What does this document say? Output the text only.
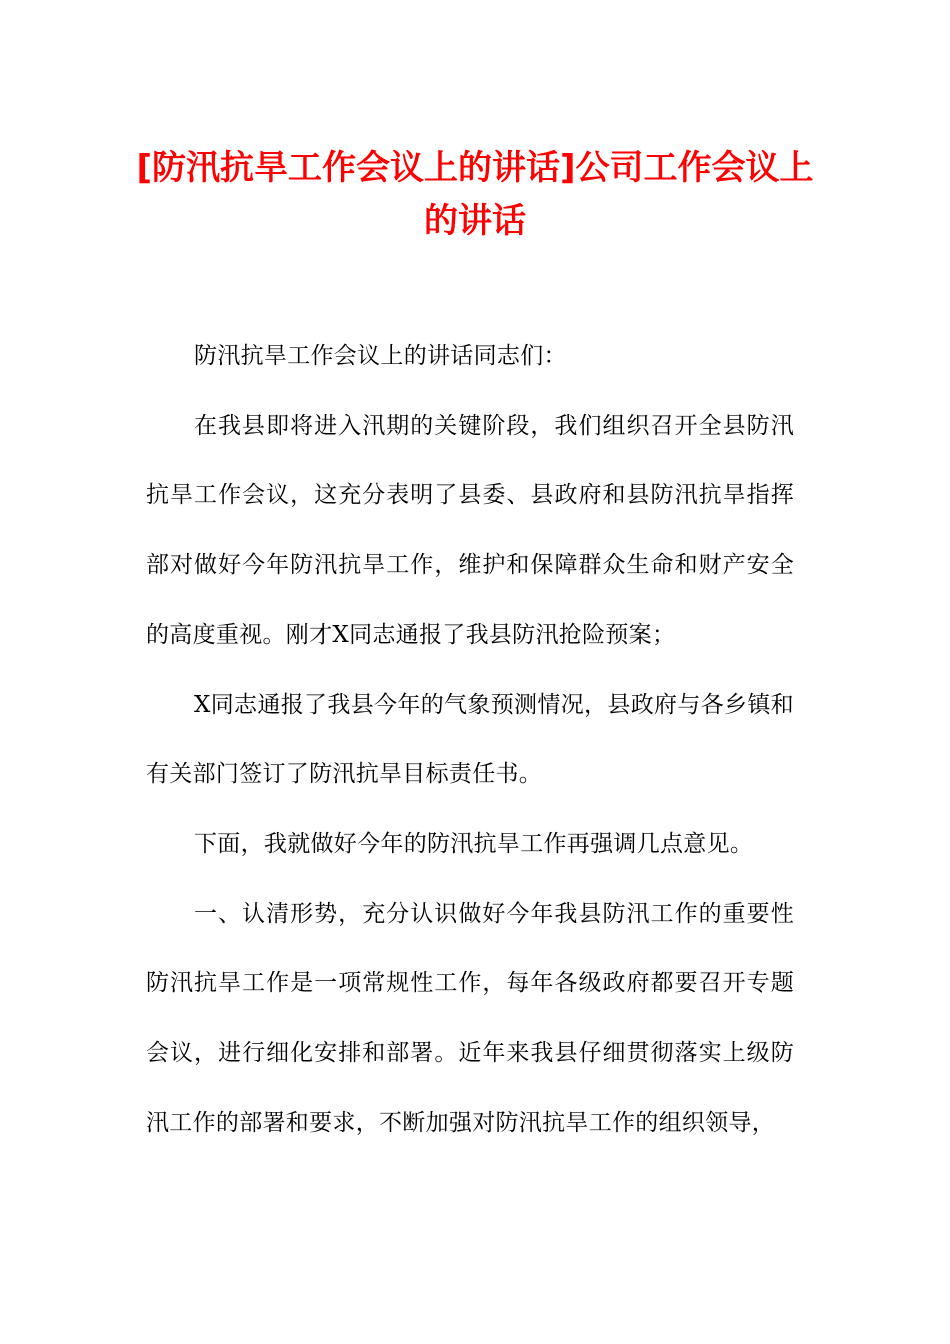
[防汛抗旱工作会议上的讲话]公司工作会议上的讲话

防汛抗旱工作会议上的讲话同志们：

在我县即将进入汛期的关键阶段，我们组织召开全县防汛抗旱工作会议，这充分表明了县委、县政府和县防汛抗旱指挥部对做好今年防汛抗旱工作，维护和保障群众生命和财产安全的高度重视。刚才X同志通报了我县防汛抢险预案；

X同志通报了我县今年的气象预测情况，县政府与各乡镇和有关部门签订了防汛抗旱目标责任书。

下面，我就做好今年的防汛抗旱工作再强调几点意见。

一、认清形势，充分认识做好今年我县防汛工作的重要性防汛抗旱工作是一项常规性工作，每年各级政府都要召开专题会议，进行细化安排和部署。近年来我县仔细贯彻落实上级防汛工作的部署和要求，不断加强对防汛抗旱工作的组织领导，
